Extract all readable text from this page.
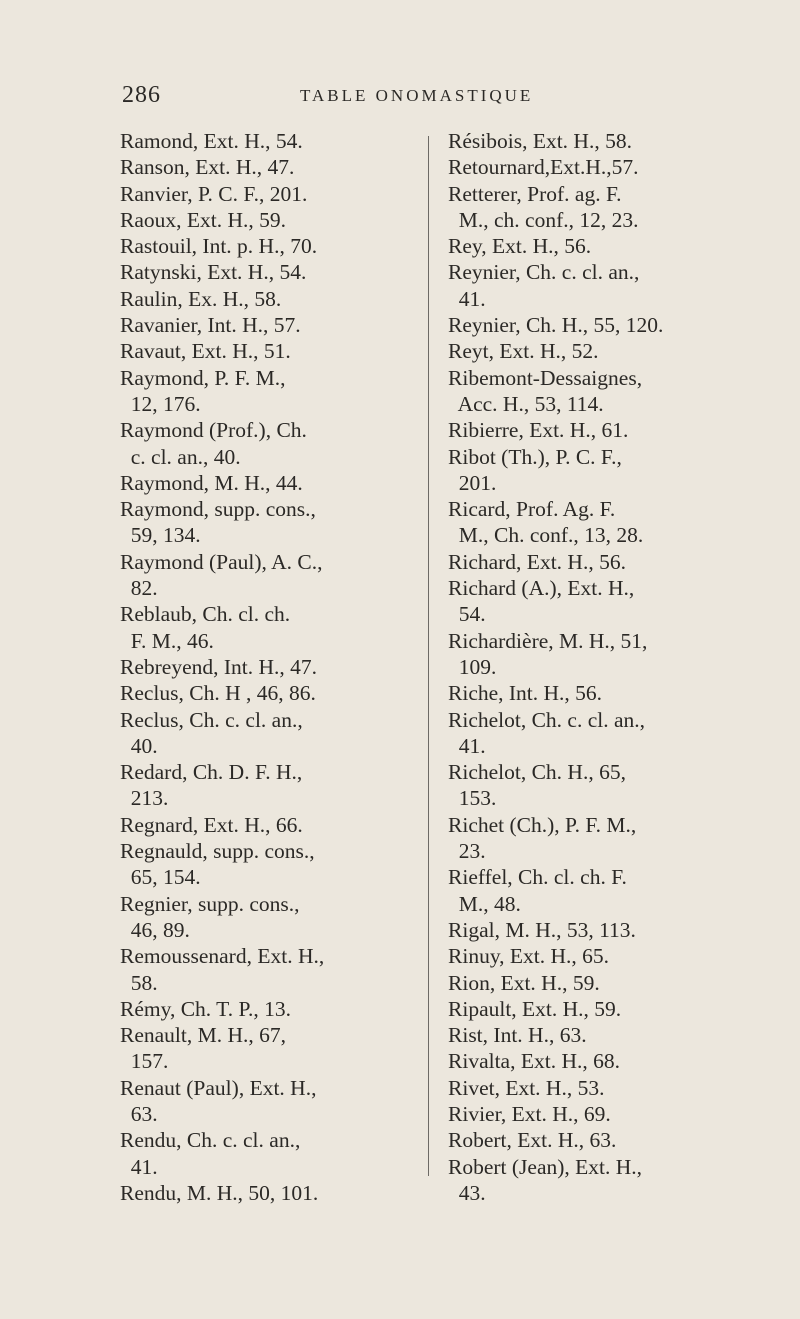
286	TABLE ONOMASTIQUE
Ramond, Ext. H., 54.
Ranson, Ext. H., 47.
Ranvier, P. C. F., 201.
Raoux, Ext. H., 59.
Rastouil, Int. p. H., 70.
Ratynski, Ext. H., 54.
Raulin, Ex. H., 58.
Ravanier, Int. H., 57.
Ravaut, Ext. H., 51.
Raymond, P. F. M.,
12, 176.
Raymond (Prof.), Ch.
c. cl. an., 40.
Raymond, M. H., 44.
Raymond, supp. cons.,
59, 134.
Raymond (Paul), A. C.,
82.
Reblaub, Ch. cl. ch.
F. M., 46.
Rebreyend, Int. H., 47.
Reclus, Ch. H , 46, 86.
Reclus, Ch. c. cl. an.,
40.
Redard, Ch. D. F. H.,
213.
Regnard, Ext. H., 66.
Regnauld, supp. cons.,
65, 154.
Regnier, supp. cons.,
46, 89.
Remoussenard, Ext. H.,
58.
Rémy, Ch. T. P., 13.
Renault, M. H., 67,
157.
Renaut (Paul), Ext. H.,
63.
Rendu, Ch. c. cl. an.,
41.
Rendu, M. H., 50, 101.
Résibois, Ext. H., 58.
Retournard,Ext.H.,57.
Retterer, Prof. ag. F.
M., ch. conf., 12, 23.
Rey, Ext. H., 56.
Reynier, Ch. c. cl. an.,
41.
Reynier, Ch. H., 55, 120.
Reyt, Ext. H., 52.
Ribemont-Dessaignes,
Acc. H., 53, 114.
Ribierre, Ext. H., 61.
Ribot (Th.), P. C. F.,
201.
Ricard, Prof. Ag. F.
M., Ch. conf., 13, 28.
Richard, Ext. H., 56.
Richard (A.), Ext. H.,
54.
Richardière, M. H., 51,
109.
Riche, Int. H., 56.
Richelot, Ch. c. cl. an.,
41.
Richelot, Ch. H., 65,
153.
Richet (Ch.), P. F. M.,
23.
Rieffel, Ch. cl. ch. F.
M., 48.
Rigal, M. H., 53, 113.
Rinuy, Ext. H., 65.
Rion, Ext. H., 59.
Ripault, Ext. H., 59.
Rist, Int. H., 63.
Rivalta, Ext. H., 68.
Rivet, Ext. H., 53.
Rivier, Ext. H., 69.
Robert, Ext. H., 63.
Robert (Jean), Ext. H.,
43.
